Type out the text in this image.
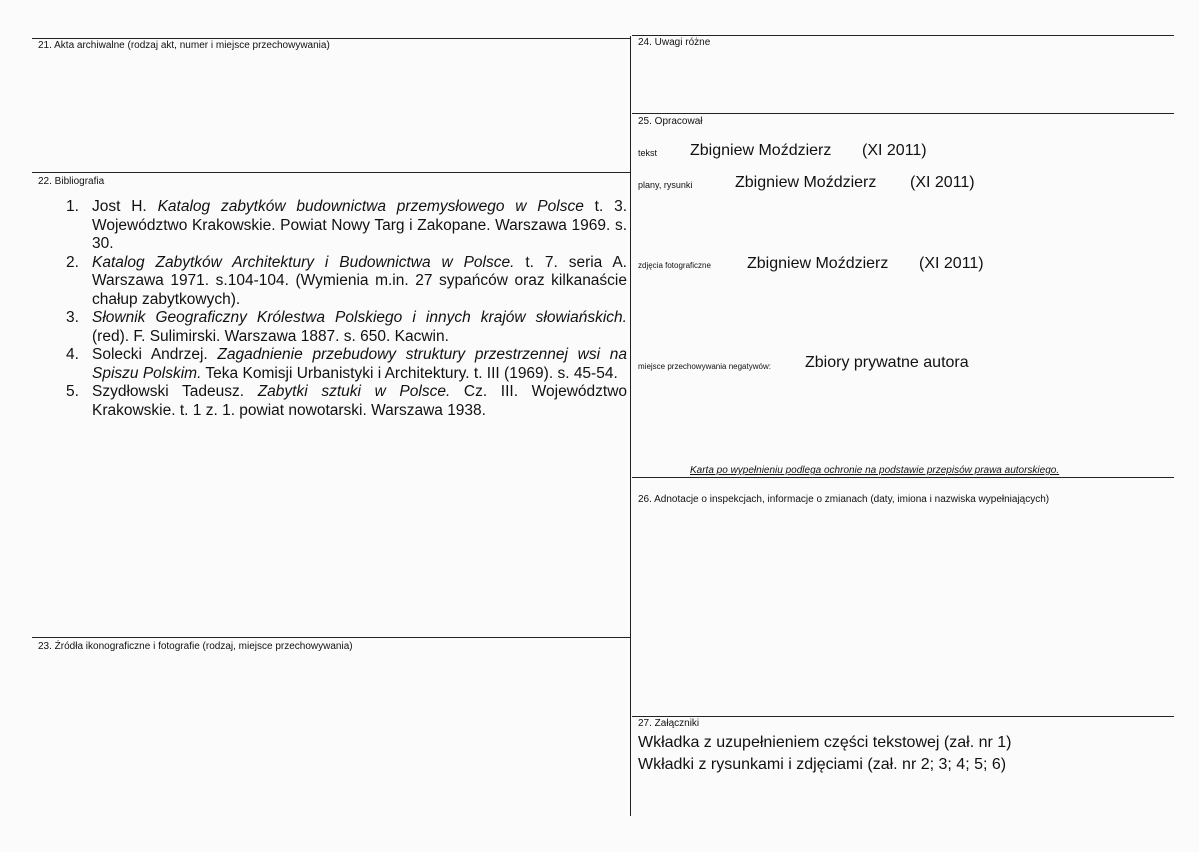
21. Akta archiwalne (rodzaj akt, numer i miejsce przechowywania)
22. Bibliografia
1. Jost H. Katalog zabytków budownictwa przemysłowego w Polsce t. 3. Województwo Krakowskie. Powiat Nowy Targ i Zakopane. Warszawa 1969. s. 30.
2. Katalog Zabytków Architektury i Budownictwa w Polsce. t. 7. seria A. Warszawa 1971. s.104-104. (Wymienia m.in. 27 sypańców oraz kilkanaście chałup zabytkowych).
3. Słownik Geograficzny Królestwa Polskiego i innych krajów słowiańskich. (red). F. Sulimirski. Warszawa 1887. s. 650. Kacwin.
4. Solecki Andrzej. Zagadnienie przebudowy struktury przestrzennej wsi na Spiszu Polskim. Teka Komisji Urbanistyki i Architektury. t. III (1969). s. 45-54.
5. Szydłowski Tadeusz. Zabytki sztuki w Polsce. Cz. III. Województwo Krakowskie. t. 1 z. 1. powiat nowotarski. Warszawa 1938.
23. Źródła ikonograficzne i fotografie (rodzaj, miejsce przechowywania)
24. Uwagi różne
25. Opracował
tekst Zbigniew Moździerz (XI 2011)
plany, rysunki	Zbigniew Moździerz (XI 2011)
zdjęcia fotograficzne Zbigniew Moździerz (XI 2011)
miejsce przechowywania negatywów: Zbiory prywatne autora
Karta po wypełnieniu podlega ochronie na podstawie przepisów prawa autorskiego.
26. Adnotacje o inspekcjach, informacje o zmianach (daty, imiona i nazwiska wypełniających)
27. Załączniki
Wkładka z uzupełnieniem części tekstowej (zał. nr 1)
Wkładki z rysunkami i zdjęciami (zał. nr 2; 3; 4; 5; 6)
